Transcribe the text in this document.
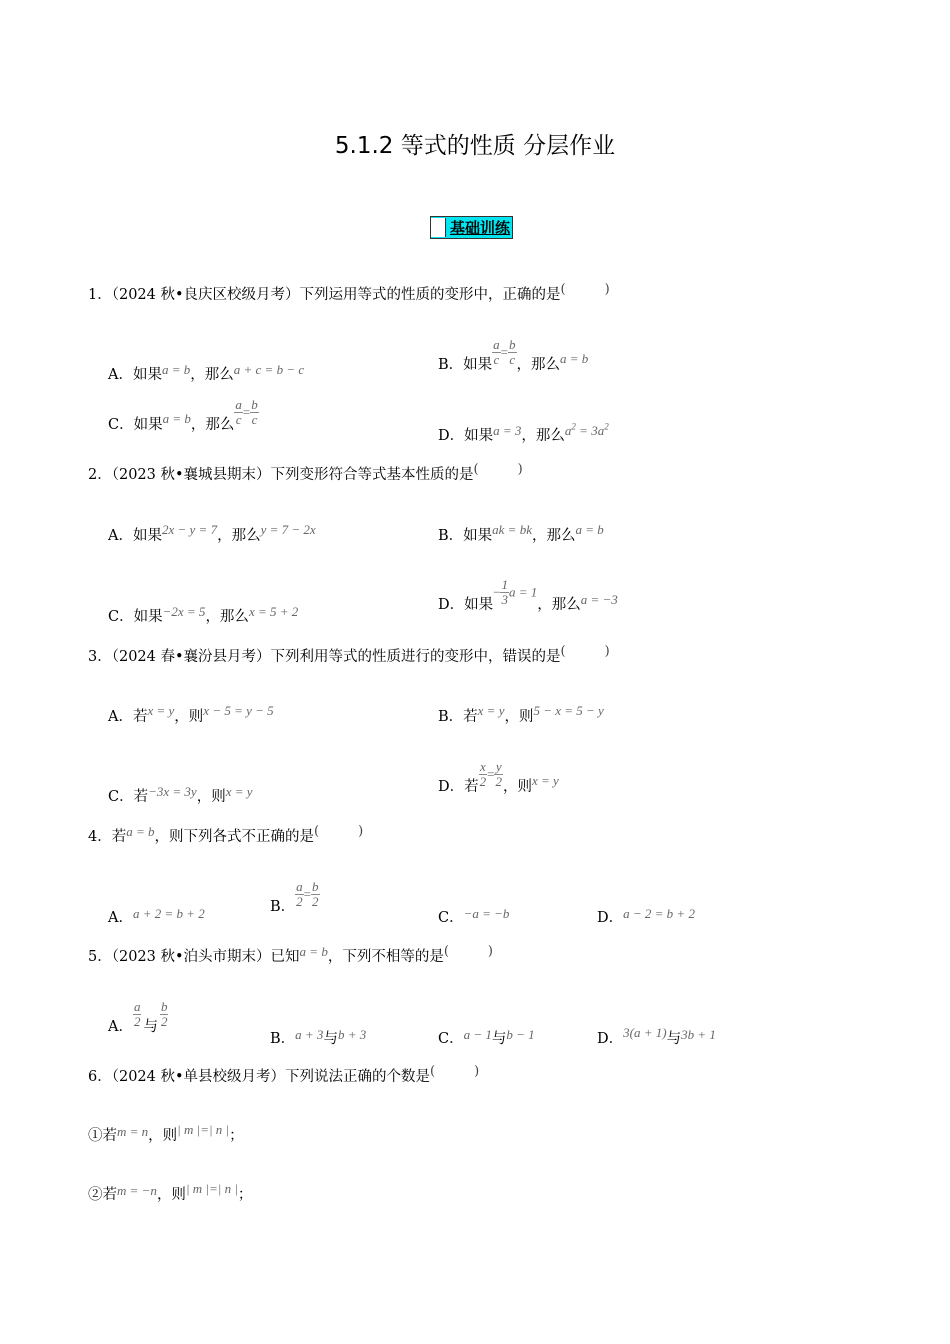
5.1.2 等式的性质 分层作业
基础训练
1．（2024 秋•良庆区校级月考）下列运用等式的性质的变形中，正确的是(　　　)
A．如果a = b，那么a + c = b − c	B．如果 $\frac{a}{c} = \frac{b}{c}$ ，那么a = b
C．如果a = b，那么 $\frac{a}{c} = \frac{b}{c}$
D．如果a = 3，那么$a^2 = 3a^2$
2．（2023 秋•襄城县期末）下列变形符合等式基本性质的是(　　　)
A．如果2x − y = 7，那么y = 7 − 2x	B．如果ak = bk，那么a = b
C．如果−2x = 5，那么x = 5 + 2	D．如果− $\frac{1}{3}$ a = 1，那么a = −3
3．（2024 春•襄汾县月考）下列利用等式的性质进行的变形中，错误的是(　　　)
A．若x = y，则x − 5 = y − 5	B．若x = y，则5 − x = 5 − y
C．若−3x = 3y，则x = y	D．若 $\frac{x}{2} = \frac{y}{2}$ ，则x = y
4．若a = b，则下列各式不正确的是(　　　)
A．a + 2 = b + 2	B． $\frac{a}{2} = \frac{b}{2}$
C．−a = −b	D．a − 2 = b + 2
5．（2023 秋•泊头市期末）已知a = b，下列不相等的是(　　　)
A． $\frac{a}{2}$ 与 $\frac{b}{2}$
B．a + 3与b + 3	C．a − 1与b − 1	D．3(a + 1)与3b + 1
6．（2024 秋•单县校级月考）下列说法正确的个数是(　　　)
①若m = n，则| m |=| n |；
②若m = −n，则| m |=| n |；
